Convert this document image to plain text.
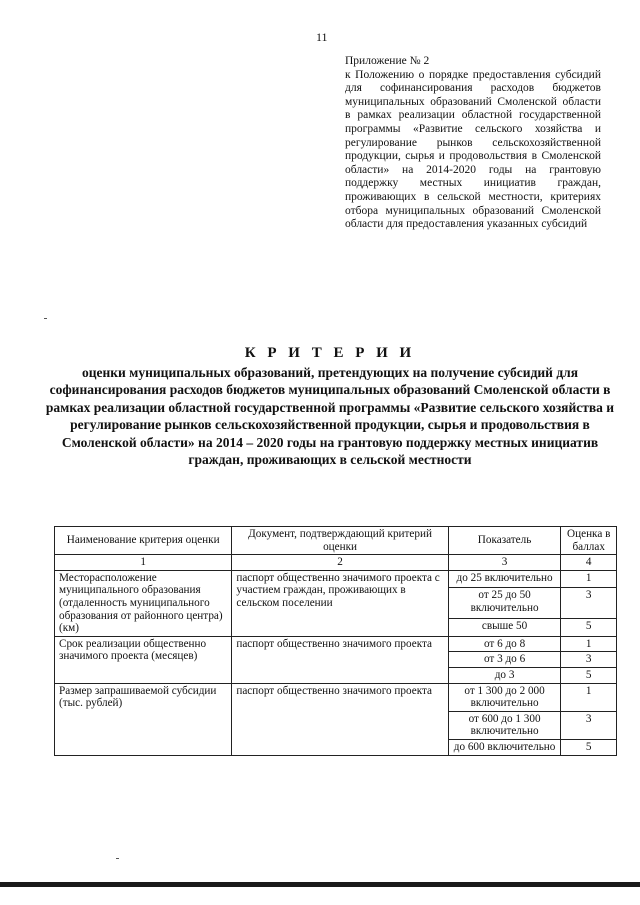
11
Приложение № 2
к Положению о порядке предоставления субсидий для софинансирования расходов бюджетов муниципальных образований Смоленской области в рамках реализации областной государственной программы «Развитие сельского хозяйства и регулирование рынков сельскохозяйственной продукции, сырья и продовольствия в Смоленской области» на 2014-2020 годы на грантовую поддержку местных инициатив граждан, проживающих в сельской местности, критериях отбора муниципальных образований Смоленской области для предоставления указанных субсидий
К Р И Т Е Р И И
оценки муниципальных образований, претендующих на получение субсидий для софинансирования расходов бюджетов муниципальных образований Смоленской области в рамках реализации областной государственной программы «Развитие сельского хозяйства и регулирование рынков сельскохозяйственной продукции, сырья и продовольствия в Смоленской области» на 2014 – 2020 годы на грантовую поддержку местных инициатив граждан, проживающих в сельской местности
Наименование критерия оценки	Документ, подтверждающий критерий оценки	Показатель	Оценка в баллах
1	2	3	4
Месторасположение муниципального образования (отдаленность муниципального образования от районного центра) (км)	паспорт общественно значимого проекта с участием граждан, проживающих в сельском поселении	до 25 включительно	1
		от 25 до 50 включительно	3
		свыше 50	5
Срок реализации общественно значимого проекта (месяцев)	паспорт общественно значимого проекта	от 6 до 8	1
		от 3 до 6	3
		до 3	5
Размер запрашиваемой субсидии (тыс. рублей)	паспорт общественно значимого проекта	от 1 300 до 2 000 включительно	1
		от 600 до 1 300 включительно	3
		до 600 включительно	5
